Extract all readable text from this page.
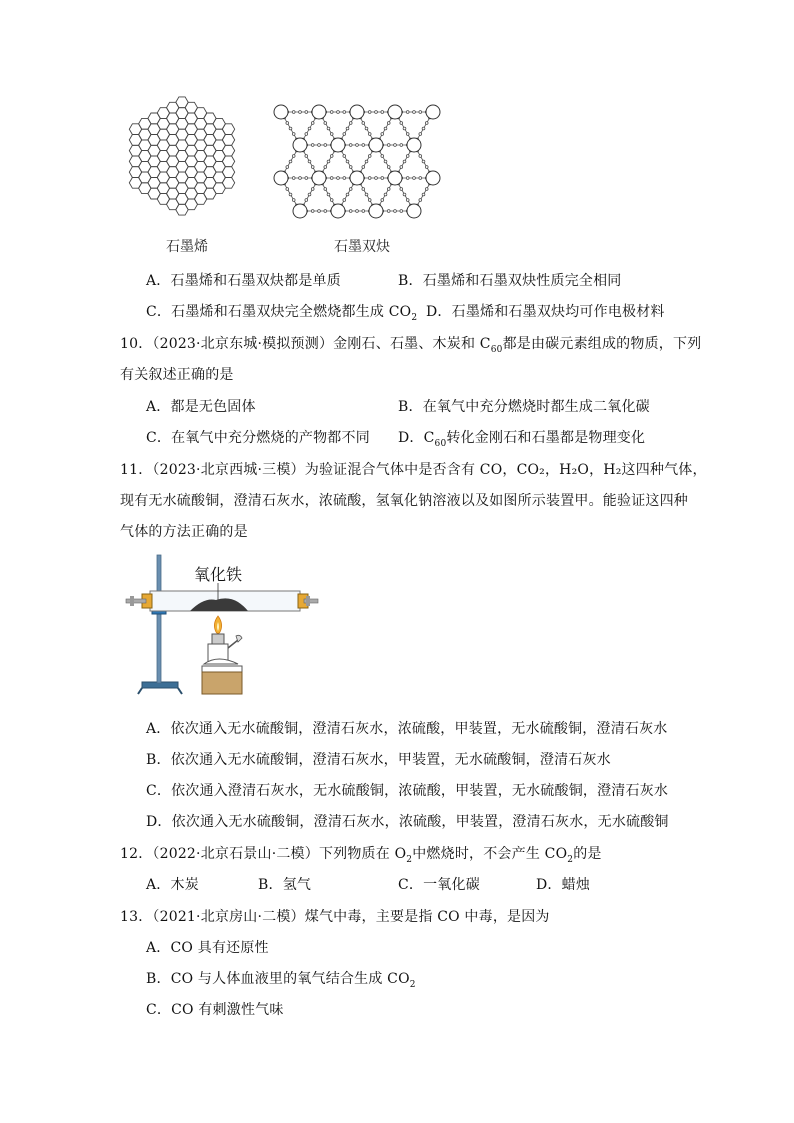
石墨烯	石墨双炔
A．石墨烯和石墨双炔都是单质	B．石墨烯和石墨双炔性质完全相同
C．石墨烯和石墨双炔完全燃烧都生成 $CO_2$ D．石墨烯和石墨双炔均可作电极材料
10．（2023·北京东城·模拟预测）金刚石、石墨、木炭和 $C_{60}$都是由碳元素组成的物质，下列
有关叙述正确的是
A．都是无色固体	B．在氧气中充分燃烧时都生成二氧化碳
C．在氧气中充分燃烧的产物都不同 D．$C_{60}$转化金刚石和石墨都是物理变化
11．（2023·北京西城·三模）为验证混合气体中是否含有 CO，CO₂，H₂O，H₂这四种气体，
现有无水硫酸铜，澄清石灰水，浓硫酸，氢氧化钠溶液以及如图所示装置甲。能验证这四种
气体的方法正确的是
氧化铁
A．依次通入无水硫酸铜，澄清石灰水，浓硫酸，甲装置，无水硫酸铜，澄清石灰水
B．依次通入无水硫酸铜，澄清石灰水，甲装置，无水硫酸铜，澄清石灰水
C．依次通入澄清石灰水，无水硫酸铜，浓硫酸，甲装置，无水硫酸铜，澄清石灰水
D．依次通入无水硫酸铜，澄清石灰水，浓硫酸，甲装置，澄清石灰水，无水硫酸铜
12．（2022·北京石景山·二模）下列物质在 $O_2$中燃烧时，不会产生 $CO_2$的是
A．木炭	B．氢气	C．一氧化碳	D．蜡烛
13．（2021·北京房山·二模）煤气中毒，主要是指 CO 中毒，是因为
A．CO 具有还原性
B．CO 与人体血液里的氧气结合生成 $CO_2$
C．CO 有刺激性气味
